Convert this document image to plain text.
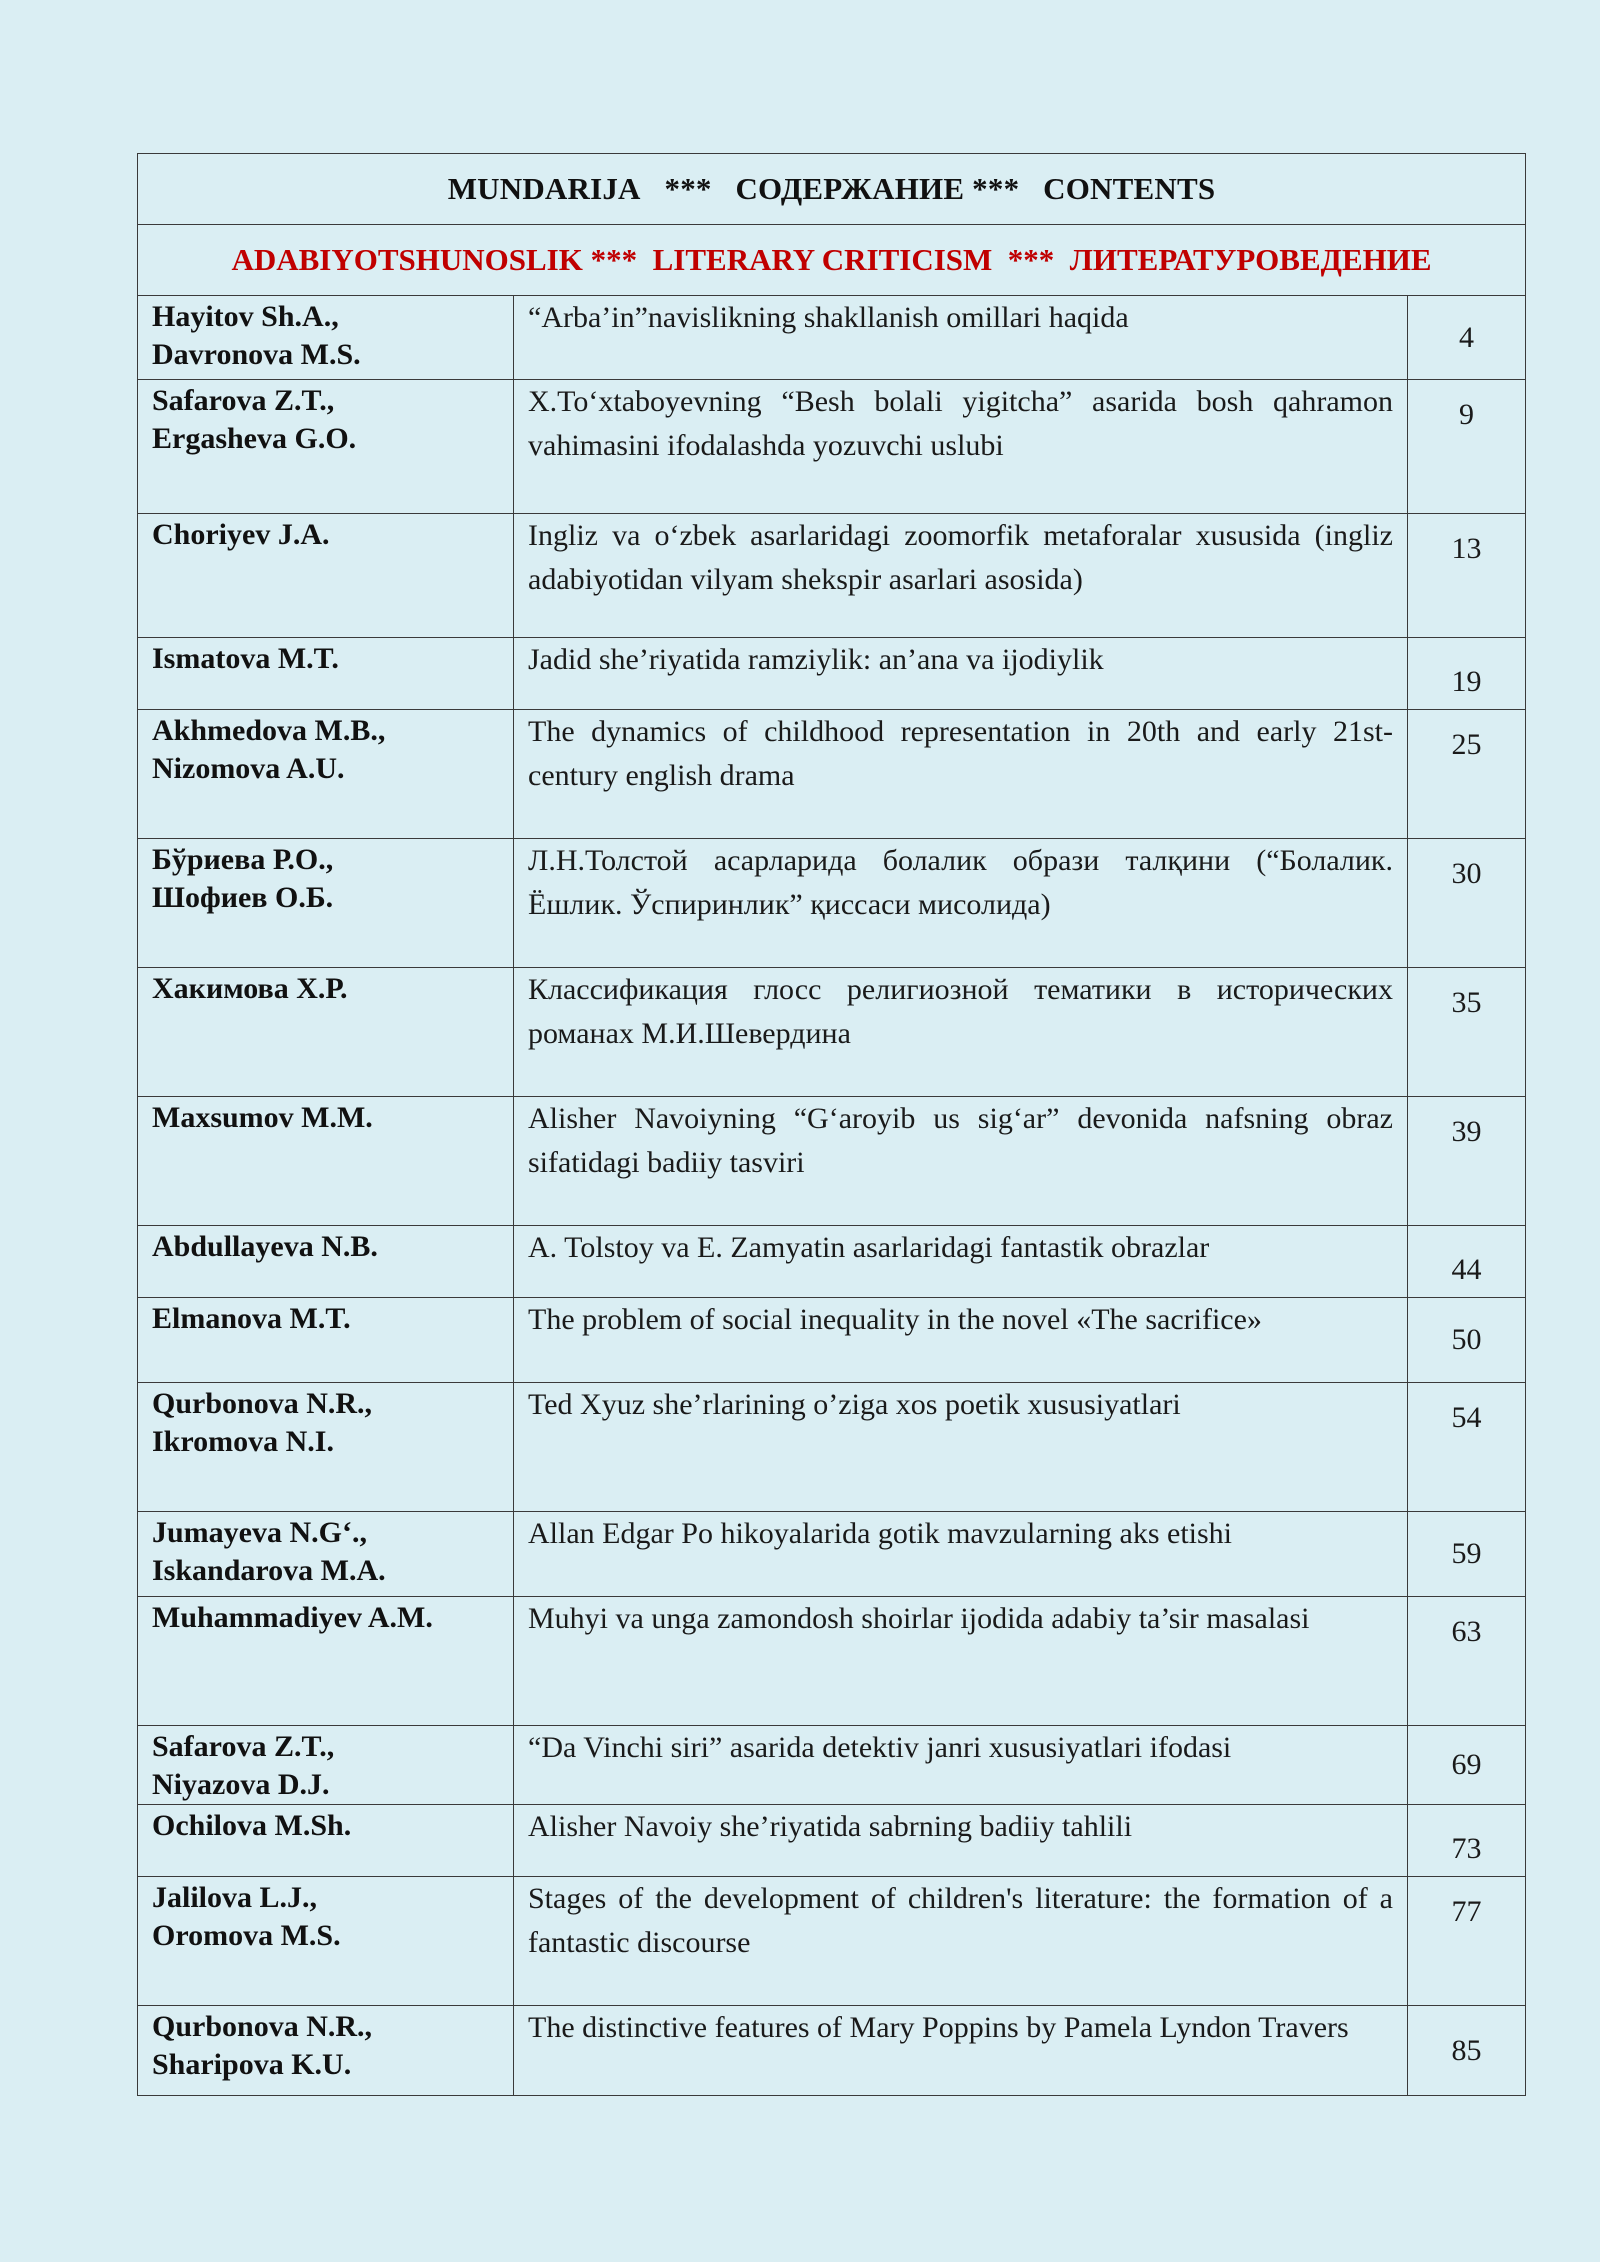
MUNDARIJA *** СОДЕРЖАНИЕ *** CONTENTS		
ADABIYOTSHUNOSLIK *** LITERARY CRITICISM *** ЛИТЕРАТУРОВЕДЕНИЕ		

Hayitov Sh.A.,
Davronova M.S.	“Arba’in”navislikning shakllanish omillari haqida	4

Safarova Z.T.,
Ergasheva G.O.	X.To‘xtaboyevning “Besh bolali yigitcha” asarida bosh qahramon vahimasini ifodalashda yozuvchi uslubi	9

Choriyev J.A.	Ingliz va o‘zbek asarlaridagi zoomorfik metaforalar xususida (ingliz adabiyotidan vilyam shekspir asarlari asosida)	13

Ismatova M.T.	Jadid she’riyatida ramziylik: an’ana va ijodiylik	19

Akhmedova M.B.,
Nizomova A.U.	The dynamics of childhood representation in 20th and early 21st-century english drama	25

Бўриева Р.О.,
Шофиев О.Б.	Л.Н.Толстой асарларида болалик образи талқини (“Болалик. Ёшлик. Ўспиринлик” қиссаси мисолида)	30

Хакимова Х.Р.	Классификация глосс религиозной тематики в исторических романах М.И.Шевердина	35

Maxsumov M.M.	Alisher Navoiyning “G‘aroyib us sig‘ar” devonida nafsning obraz sifatidagi badiiy tasviri	39

Abdullayeva N.B.	A. Tolstoy va E. Zamyatin asarlaridagi fantastik obrazlar	44

Elmanova M.T.	The problem of social inequality in the novel «The sacrifice»	50

Qurbonova N.R.,
Ikromova N.I.	Ted Xyuz she’rlarining o’ziga xos poetik xususiyatlari	54

Jumayeva N.G‘.,
Iskandarova M.A.	Allan Edgar Po hikoyalarida gotik mavzularning aks etishi	59

Muhammadiyev A.M.	Muhyi va unga zamondosh shoirlar ijodida adabiy ta’sir masalasi	63

Safarova Z.T.,
Niyazova D.J.	“Da Vinchi siri” asarida detektiv janri xususiyatlari ifodasi	69

Ochilova M.Sh.	Alisher Navoiy she’riyatida sabrning badiiy tahlili	73

Jalilova L.J.,
Oromova M.S.	Stages of the development of children's literature: the formation of a fantastic discourse	77

Qurbonova N.R.,
Sharipova K.U.	The distinctive features of Mary Poppins by Pamela Lyndon Travers	85
